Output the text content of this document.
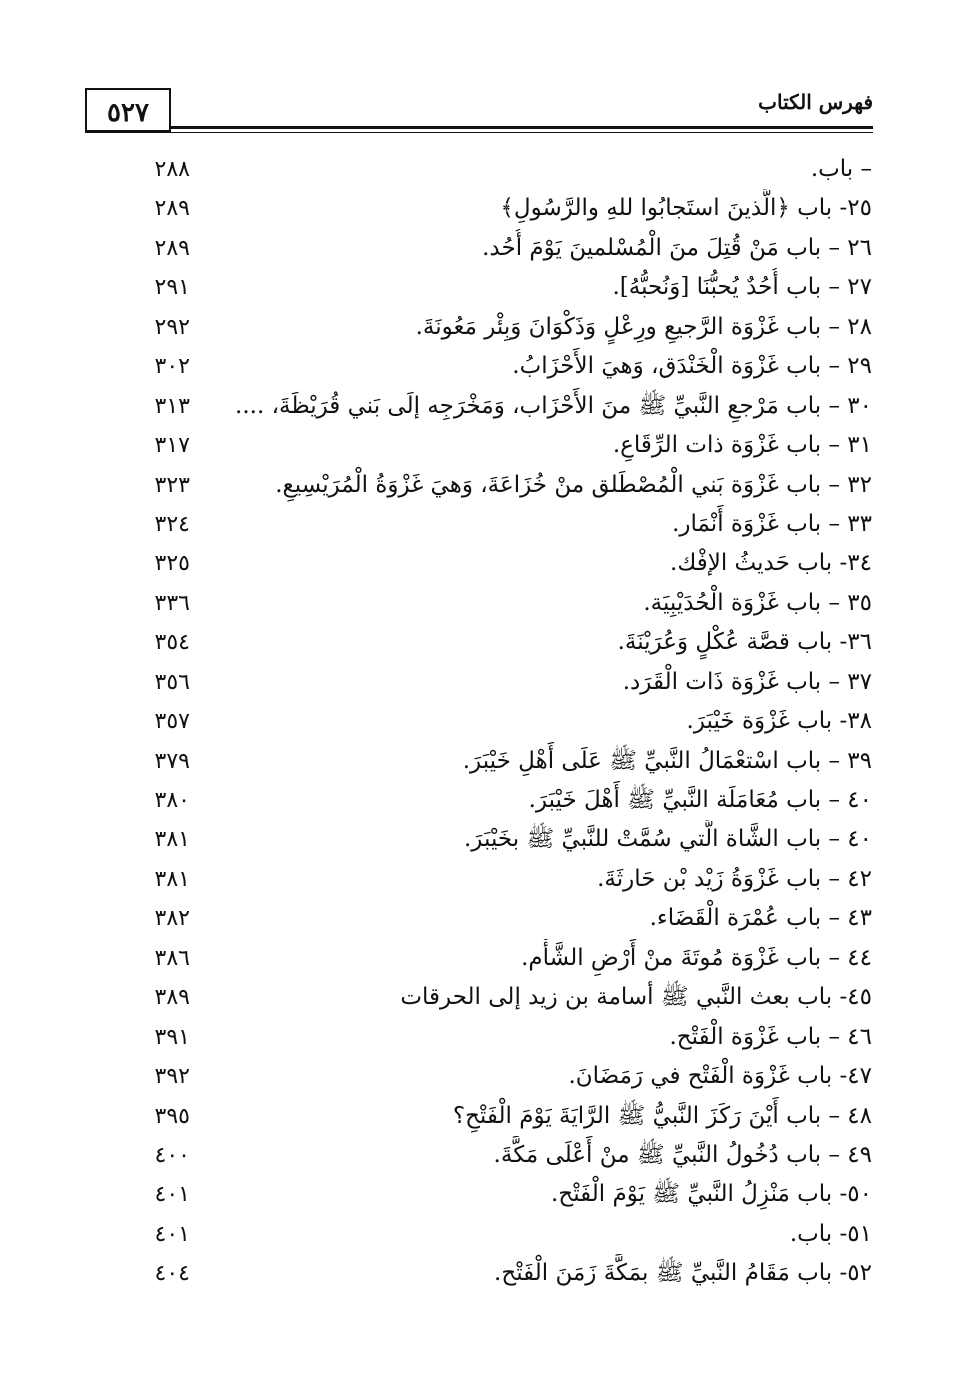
٥٢٧	فهرس الكتاب
– باب.
٢٨٨
٢٥- باب ﴿الَّذينَ استَجابُوا للهِ والرَّسُولِ﴾
٢٨٩
٢٦ – باب مَنْ قُتِلَ منَ الْمُسْلمينَ يَوْمَ أُحُد.
٢٨٩
٢٧ – باب أُحُدٌ يُحبُّنَا [وَنُحبُّهُ].
٢٩١
٢٨ – باب غَزْوَة الرَّجيعِ ورِعْلٍ وَذَكْوَانَ وَبِئْر مَعُونَةَ.
٢٩٢
٢٩ – باب غَزْوَة الْخَنْدَق، وَهيَ الأَحْزَابُ.
٣٠٢
٣٠ – باب مَرْجعِ النَّبيِّ ﷺ منَ الأَحْزَاب، وَمَخْرَجِه إلَى بَني قُرَيْظَةَ، ....
٣١٣
٣١ – باب غَزْوَة ذات الرِّقَاعِ.
٣١٧
٣٢ – باب غَزْوَة بَني الْمُصْطَلق منْ خُزَاعَةَ، وَهيَ غَزْوَةُ الْمُرَيْسِيعِ.
٣٢٣
٣٣ – باب غَزْوَة أَنْمَار.
٣٢٤
٣٤- باب حَديثُ الإفْك.
٣٢٥
٣٥ – باب غَزْوَة الْحُدَيْبِيَة.
٣٣٦
٣٦- باب قصَّة عُكْلٍ وَعُرَيْنَةَ.
٣٥٤
٣٧ – باب غَزْوَة ذَات الْقَرَد.
٣٥٦
٣٨- باب غَزْوَة خَيْبَرَ.
٣٥٧
٣٩ – باب اسْتعْمَالُ النَّبيِّ ﷺ عَلَى أَهْلِ خَيْبَرَ.
٣٧٩
٤٠ – باب مُعَامَلَة النَّبيِّ ﷺ أَهْلَ خَيْبَرَ.
٣٨٠
٤٠ – باب الشَّاة الَّتي سُمَّتْ للنَّبيِّ ﷺ بخَيْبَرَ.
٣٨١
٤٢ – باب غَزْوَةُ زَيْد بْن حَارثَةَ.
٣٨١
٤٣ – باب عُمْرَة الْقَضَاء.
٣٨٢
٤٤ – باب غَزْوَة مُوتَةَ منْ أَرْضِ الشَّأْم.
٣٨٦
٤٥- باب بعث النَّبي ﷺ أسامة بن زيد إلى الحرقات
٣٨٩
٤٦ – باب غَزْوَة الْفَتْح.
٣٩١
٤٧- باب غَزْوَة الْفَتْح في رَمَضَانَ.
٣٩٢
٤٨ – باب أَيْنَ رَكَزَ النَّبيُّ ﷺ الرَّايَةَ يَوْمَ الْفَتْحِ؟
٣٩٥
٤٩ – باب دُخُولُ النَّبيِّ ﷺ منْ أَعْلَى مَكَّةَ.
٤٠٠
٥٠- باب مَنْزِلُ النَّبيِّ ﷺ يَوْمَ الْفَتْح.
٤٠١
٥١- باب.
٤٠١
٥٢- باب مَقَامُ النَّبيِّ ﷺ بمَكَّةَ زَمَنَ الْفَتْح.
٤٠٤
